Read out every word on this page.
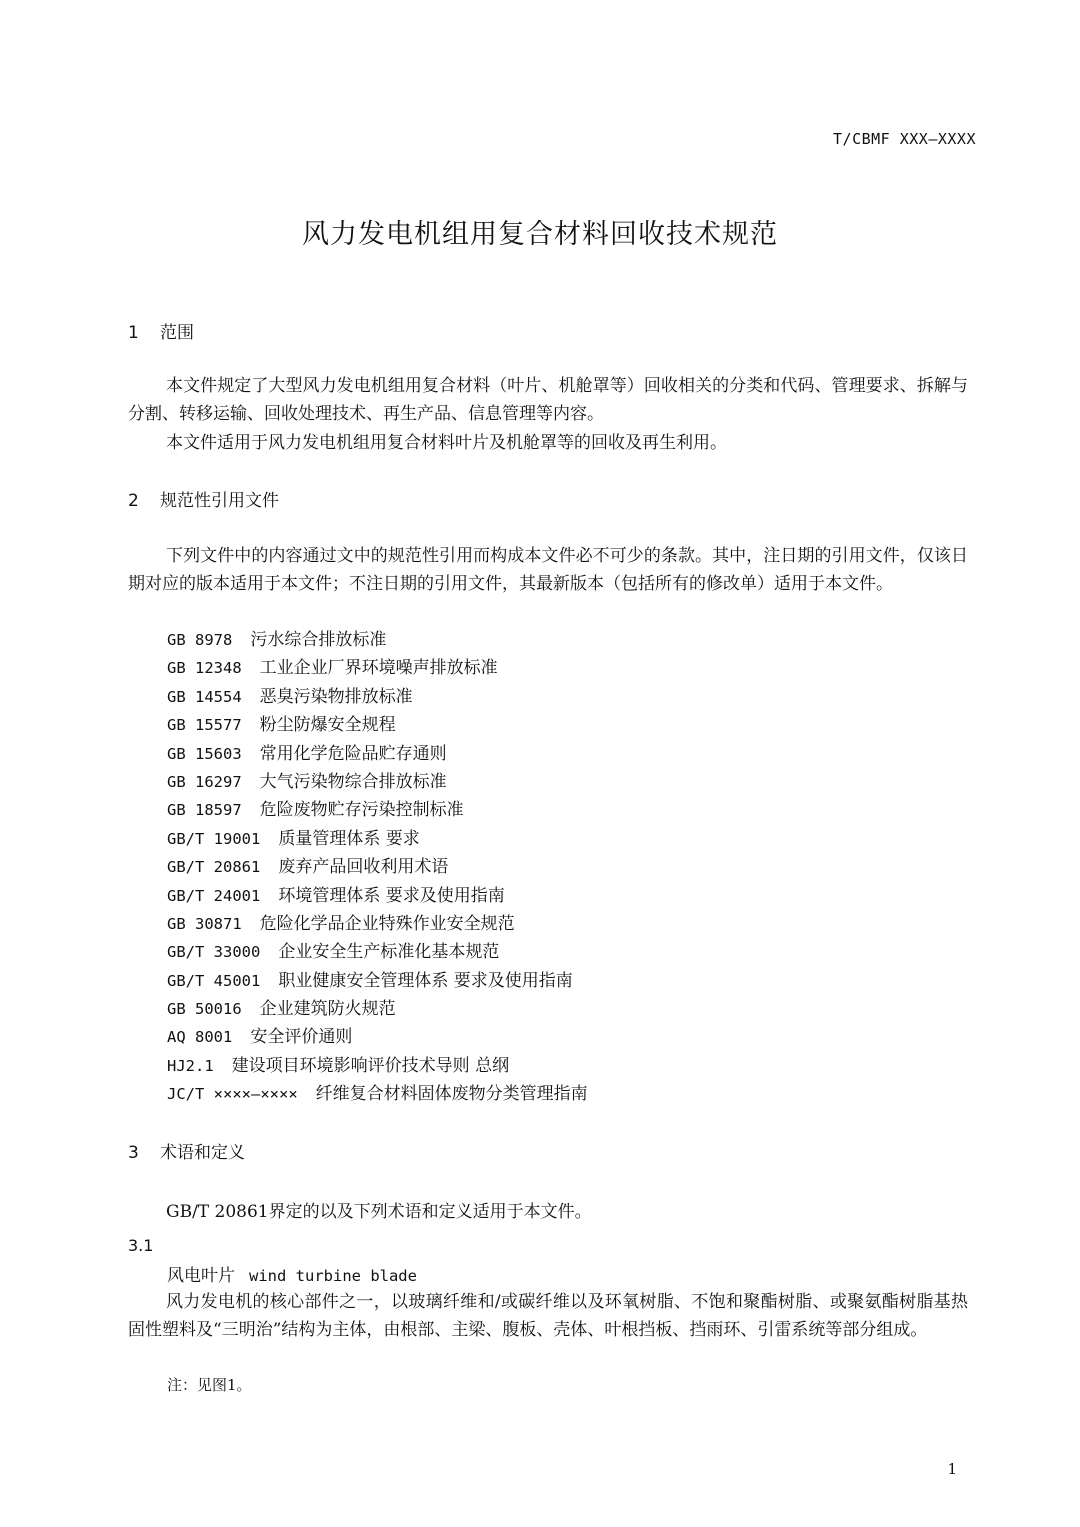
T/CBMF XXX—XXXX
风力发电机组用复合材料回收技术规范
1 范围
本文件规定了大型风力发电机组用复合材料（叶片、机舱罩等）回收相关的分类和代码、管理要求、拆解与分割、转移运输、回收处理技术、再生产品、信息管理等内容。
本文件适用于风力发电机组用复合材料叶片及机舱罩等的回收及再生利用。
2 规范性引用文件
下列文件中的内容通过文中的规范性引用而构成本文件必不可少的条款。其中，注日期的引用文件，仅该日期对应的版本适用于本文件；不注日期的引用文件，其最新版本（包括所有的修改单）适用于本文件。
GB 8978 污水综合排放标准
GB 12348 工业企业厂界环境噪声排放标准
GB 14554 恶臭污染物排放标准
GB 15577 粉尘防爆安全规程
GB 15603 常用化学危险品贮存通则
GB 16297 大气污染物综合排放标准
GB 18597 危险废物贮存污染控制标准
GB/T 19001 质量管理体系 要求
GB/T 20861 废弃产品回收利用术语
GB/T 24001 环境管理体系 要求及使用指南
GB 30871 危险化学品企业特殊作业安全规范
GB/T 33000 企业安全生产标准化基本规范
GB/T 45001 职业健康安全管理体系 要求及使用指南
GB 50016 企业建筑防火规范
AQ 8001 安全评价通则
HJ2.1 建设项目环境影响评价技术导则 总纲
JC/T ××××—×××× 纤维复合材料固体废物分类管理指南
3 术语和定义
GB/T 20861界定的以及下列术语和定义适用于本文件。
3.1
风电叶片 wind turbine blade
风力发电机的核心部件之一，以玻璃纤维和/或碳纤维以及环氧树脂、不饱和聚酯树脂、或聚氨酯树脂基热固性塑料及“三明治”结构为主体，由根部、主梁、腹板、壳体、叶根挡板、挡雨环、引雷系统等部分组成。
注：见图1。
1
